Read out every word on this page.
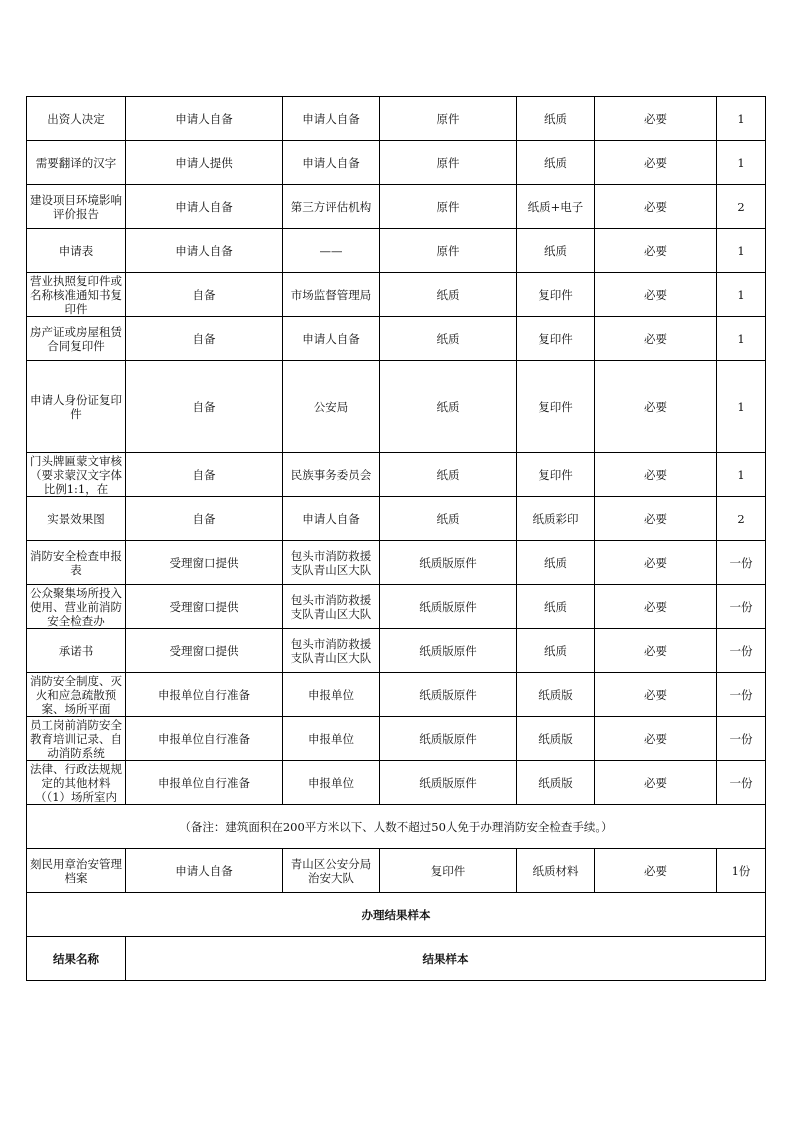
出资人决定	申请人自备	申请人自备	原件	纸质	必要	1

需要翻译的汉字	申请人提供	申请人自备	原件	纸质	必要	1

建设项目环境影响评价报告	申请人自备	第三方评估机构	原件	纸质+电子	必要	2

申请表	申请人自备	——	原件	纸质	必要	1

营业执照复印件或名称核准通知书复印件	自备	市场监督管理局	纸质	复印件	必要	1

房产证或房屋租赁合同复印件	自备	申请人自备	纸质	复印件	必要	1

申请人身份证复印件	自备	公安局	纸质	复印件	必要	1

门头牌匾蒙文审核（要求蒙汉文字体比例1:1，在	自备	民族事务委员会	纸质	复印件	必要	1

实景效果图	自备	申请人自备	纸质	纸质彩印	必要	2

消防安全检查申报表	受理窗口提供	包头市消防救援支队青山区大队	纸质版原件	纸质	必要	一份

公众聚集场所投入使用、营业前消防安全检查办	受理窗口提供	包头市消防救援支队青山区大队	纸质版原件	纸质	必要	一份

承诺书	受理窗口提供	包头市消防救援支队青山区大队	纸质版原件	纸质	必要	一份

消防安全制度、灭火和应急疏散预案、场所平面	申报单位自行准备	申报单位	纸质版原件	纸质版	必要	一份

员工岗前消防安全教育培训记录、自动消防系统	申报单位自行准备	申报单位	纸质版原件	纸质版	必要	一份

法律、行政法规规定的其他材料（（1）场所室内	申报单位自行准备	申报单位	纸质版原件	纸质版	必要	一份
（备注：建筑面积在200平方米以下、人数不超过50人免于办理消防安全检查手续。）						

刻民用章治安管理档案	申请人自备	青山区公安分局治安大队	复印件	纸质材料	必要	1份
办理结果样本						
结果名称	结果样本					
